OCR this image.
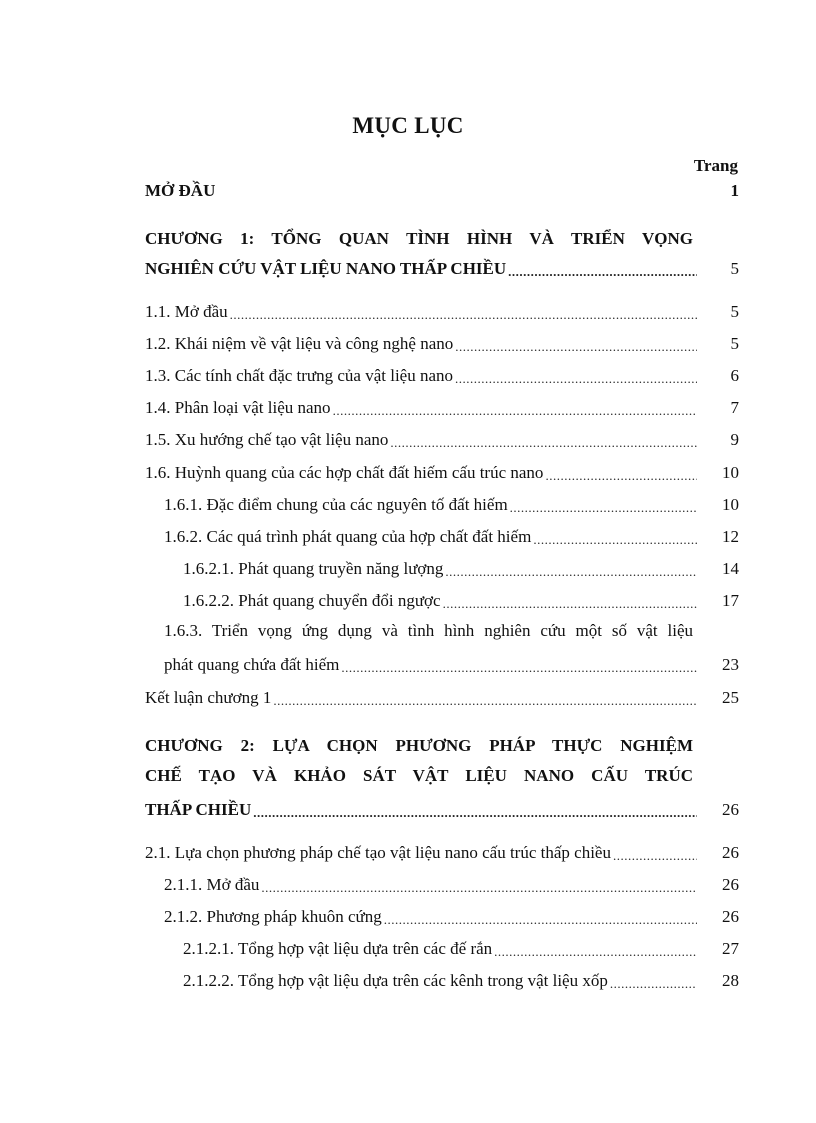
MỤC LỤC
Trang
MỞ ĐẦU	1
CHƯƠNG 1: TỔNG QUAN TÌNH HÌNH VÀ TRIỂN VỌNG
NGHIÊN CỨU VẬT LIỆU NANO THẤP CHIỀU .....	5
1.1. Mở đầu .....	5
1.2. Khái niệm về vật liệu và công nghệ nano .....	5
1.3. Các tính chất đặc trưng của vật liệu nano .....	6
1.4. Phân loại vật liệu nano .....	7
1.5. Xu hướng chế tạo vật liệu nano .....	9
1.6. Huỳnh quang của các hợp chất đất hiếm cấu trúc nano .....	10
1.6.1. Đặc điểm chung của các nguyên tố đất hiếm .....	10
1.6.2. Các quá trình phát quang của hợp chất đất hiếm .....	12
1.6.2.1. Phát quang truyền năng lượng .....	14
1.6.2.2. Phát quang chuyển đổi ngược .....	17
1.6.3. Triển vọng ứng dụng và tình hình nghiên cứu một số vật liệu
phát quang chứa đất hiếm .....	23
Kết luận chương 1 .....	25
CHƯƠNG 2: LỰA CHỌN PHƯƠNG PHÁP THỰC NGHIỆM
CHẾ TẠO VÀ KHẢO SÁT VẬT LIỆU NANO CẤU TRÚC
THẤP CHIỀU .....	26
2.1. Lựa chọn phương pháp chế tạo vật liệu nano cấu trúc thấp chiều .....	26
2.1.1. Mở đầu .....	26
2.1.2. Phương pháp khuôn cứng .....	26
2.1.2.1. Tổng hợp vật liệu dựa trên các đế rắn .....	27
2.1.2.2. Tổng hợp vật liệu dựa trên các kênh trong vật liệu xốp .....	28
